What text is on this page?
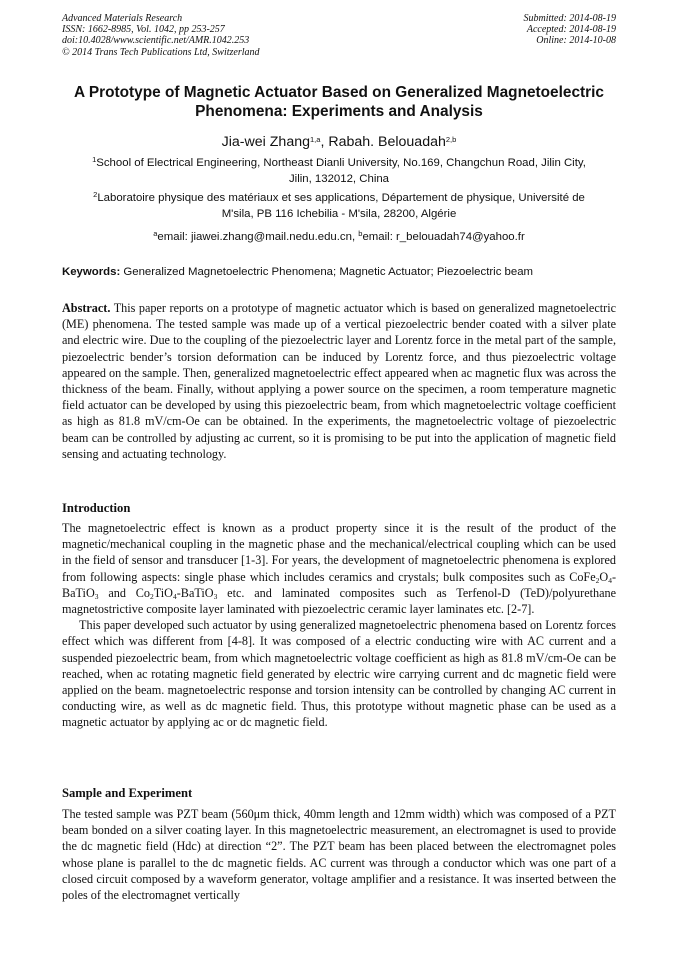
Advanced Materials Research
ISSN: 1662-8985, Vol. 1042, pp 253-257
doi:10.4028/www.scientific.net/AMR.1042.253
© 2014 Trans Tech Publications Ltd, Switzerland
Submitted: 2014-08-19
Accepted: 2014-08-19
Online: 2014-10-08
A Prototype of Magnetic Actuator Based on Generalized Magnetoelectric
Phenomena: Experiments and Analysis
Jia-wei Zhang$^{1,a}$, Rabah. Belouadah$^{2,b}$
$^1$School of Electrical Engineering, Northeast Dianli University, No.169, Changchun Road, Jilin City,
Jilin, 132012, China
$^2$Laboratoire physique des matériaux et ses applications, Département de physique, Université de
M'sila, PB 116 Ichebilia - M'sila, 28200, Algérie
$^a$email: jiawei.zhang@mail.nedu.edu.cn, $^b$email: r_belouadah74@yahoo.fr
Keywords: Generalized Magnetoelectric Phenomena; Magnetic Actuator; Piezoelectric beam
Abstract. This paper reports on a prototype of magnetic actuator which is based on generalized magnetoelectric (ME) phenomena. The tested sample was made up of a vertical piezoelectric bender coated with a silver plate and electric wire. Due to the coupling of the piezoelectric layer and Lorentz force in the metal part of the sample, piezoelectric bender’s torsion deformation can be induced by Lorentz force, and thus piezoelectric voltage appeared on the sample. Then, generalized magnetoelectric effect appeared when ac magnetic flux was across the thickness of the beam. Finally, without applying a power source on the specimen, a room temperature magnetic field actuator can be developed by using this piezoelectric beam, from which magnetoelectric voltage coefficient as high as 81.8 mV/cm-Oe can be obtained. In the experiments, the magnetoelectric voltage of piezoelectric beam can be controlled by adjusting ac current, so it is promising to be put into the application of magnetic field sensing and actuating technology.
Introduction

The magnetoelectric effect is known as a product property since it is the result of the product of the magnetic/mechanical coupling in the magnetic phase and the mechanical/electrical coupling which can be used in the field of sensor and transducer [1-3]. For years, the development of magnetoelectric phenomena is explored from following aspects: single phase which includes ceramics and crystals; bulk composites such as $CoFe_2O_4-BaTiO_3$ and $Co_2TiO_4-BaTiO_3$ etc. and laminated composites such as Terfenol-D (TeD)/polyurethane magnetostrictive composite layer laminated with piezoelectric ceramic layer laminates etc. [2-7].

This paper developed such actuator by using generalized magnetoelectric phenomena based on Lorentz forces effect which was different from [4-8]. It was composed of a electric conducting wire with AC current and a suspended piezoelectric beam, from which magnetoelectric voltage coefficient as high as 81.8 mV/cm-Oe can be reached, when ac rotating magnetic field generated by electric wire carrying current and dc magnetic field were applied on the beam. magnetoelectric response and torsion intensity can be controlled by changing AC current in conducting wire, as well as dc magnetic field. Thus, this prototype without magnetic phase can be used as a magnetic actuator by applying ac or dc magnetic field.

Sample and Experiment

The tested sample was PZT beam (560μm thick, 40mm length and 12mm width) which was composed of a PZT beam bonded on a silver coating layer. In this magnetoelectric measurement, an electromagnet is used to provide the dc magnetic field (Hdc) at direction “2”. The PZT beam has been placed between the electromagnet poles whose plane is parallel to the dc magnetic fields. AC current was through a conductor which was one part of a closed circuit composed by a waveform generator, voltage amplifier and a resistance. It was inserted between the poles of the electromagnet vertically
